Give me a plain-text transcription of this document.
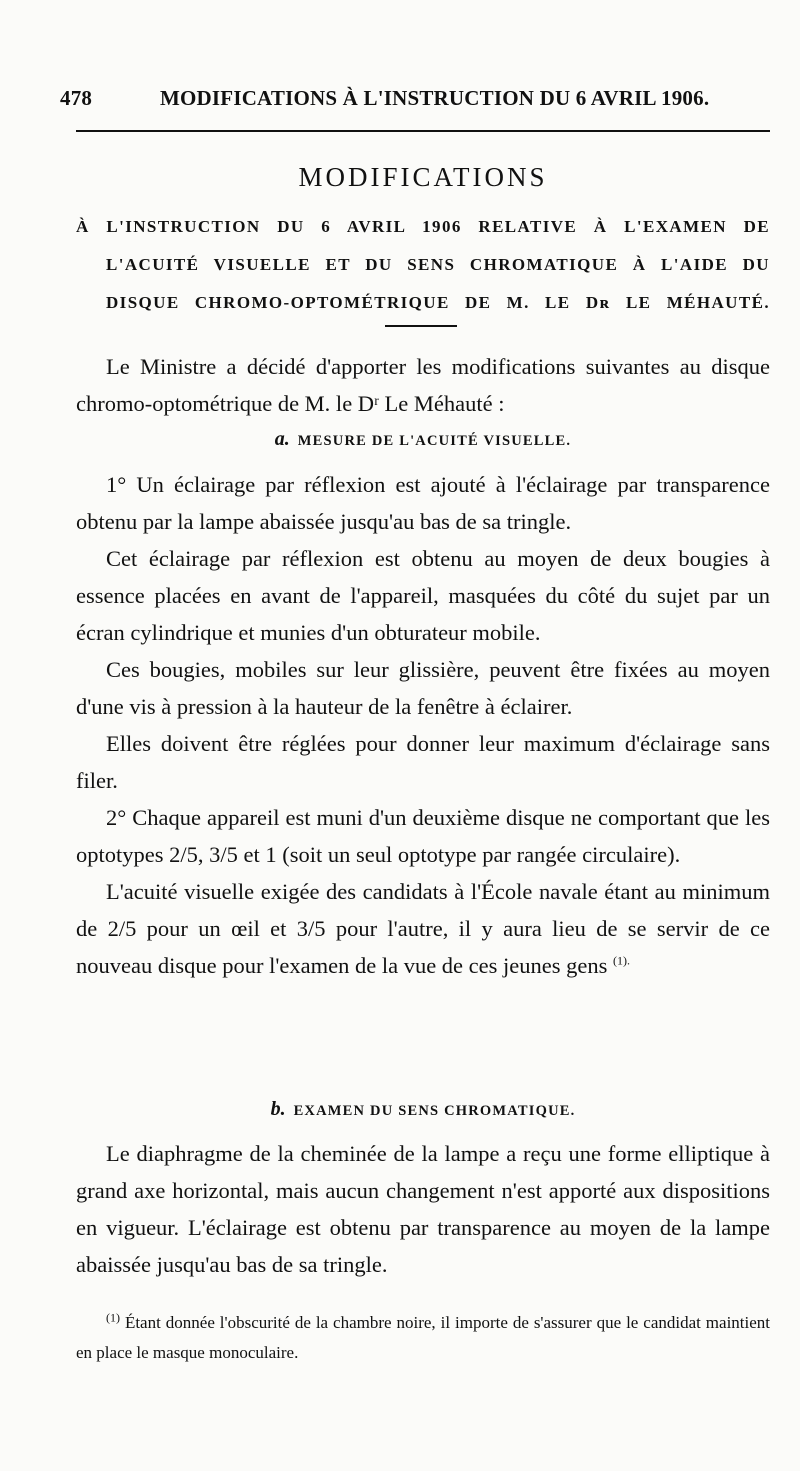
478	MODIFICATIONS À L'INSTRUCTION DU 6 AVRIL 1906.
MODIFICATIONS
À L'INSTRUCTION DU 6 AVRIL 1906 RELATIVE À L'EXAMEN DE
L'ACUITÉ VISUELLE ET DU SENS CHROMATIQUE À L'AIDE DU
DISQUE CHROMO-OPTOMÉTRIQUE DE M. LE Dʀ LE MÉHAUTÉ.

Le Ministre a décidé d'apporter les modifications suivantes au disque chromo-optométrique de M. le Dʳ Le Méhauté :

a. MESURE DE L'ACUITÉ VISUELLE.

1° Un éclairage par réflexion est ajouté à l'éclairage par transparence obtenu par la lampe abaissée jusqu'au bas de sa tringle.

Cet éclairage par réflexion est obtenu au moyen de deux bougies à essence placées en avant de l'appareil, masquées du côté du sujet par un écran cylindrique et munies d'un obturateur mobile.

Ces bougies, mobiles sur leur glissière, peuvent être fixées au moyen d'une vis à pression à la hauteur de la fenêtre à éclairer.

Elles doivent être réglées pour donner leur maximum d'éclairage sans filer.

2° Chaque appareil est muni d'un deuxième disque ne comportant que les optotypes 2/5, 3/5 et 1 (soit un seul optotype par rangée circulaire).

L'acuité visuelle exigée des candidats à l'École navale étant au minimum de 2/5 pour un œil et 3/5 pour l'autre, il y aura lieu de se servir de ce nouveau disque pour l'examen de la vue de ces jeunes gens $^{(1).}$

b. EXAMEN DU SENS CHROMATIQUE.

Le diaphragme de la cheminée de la lampe a reçu une forme elliptique à grand axe horizontal, mais aucun changement n'est apporté aux dispositions en vigueur. L'éclairage est obtenu par transparence au moyen de la lampe abaissée jusqu'au bas de sa tringle.

$^{(1)}$ Étant donnée l'obscurité de la chambre noire, il importe de s'assurer que le candidat maintient en place le masque monoculaire.
